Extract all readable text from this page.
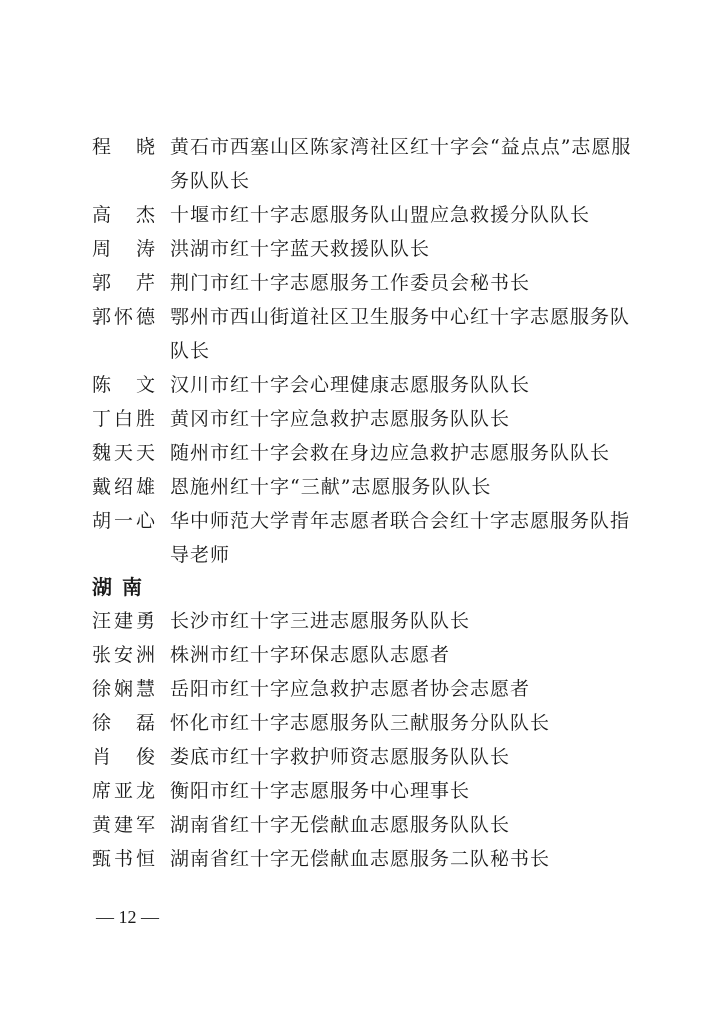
程 晓 黄石市西塞山区陈家湾社区红十字会“益点点”志愿服务队队长
高 杰 十堰市红十字志愿服务队山盟应急救援分队队长
周 涛 洪湖市红十字蓝天救援队队长
郭 芹 荆门市红十字志愿服务工作委员会秘书长
郭 怀 德 鄂州市西山街道社区卫生服务中心红十字志愿服务队队长
陈 文 汉川市红十字会心理健康志愿服务队队长
丁 白 胜 黄冈市红十字应急救护志愿服务队队长
魏 天 天 随州市红十字会救在身边应急救护志愿服务队队长
戴 绍 雄 恩施州红十字“三献”志愿服务队队长
胡 一 心 华中师范大学青年志愿者联合会红十字志愿服务队指导老师
湖南
汪 建 勇 长沙市红十字三进志愿服务队队长
张 安 洲 株洲市红十字环保志愿队志愿者
徐 娴 慧 岳阳市红十字应急救护志愿者协会志愿者
徐 磊 怀化市红十字志愿服务队三献服务分队队长
肖 俊 娄底市红十字救护师资志愿服务队队长
席 亚 龙 衡阳市红十字志愿服务中心理事长
黄 建 军 湖南省红十字无偿献血志愿服务队队长
甄 书 恒 湖南省红十字无偿献血志愿服务二队秘书长
— 12 —
